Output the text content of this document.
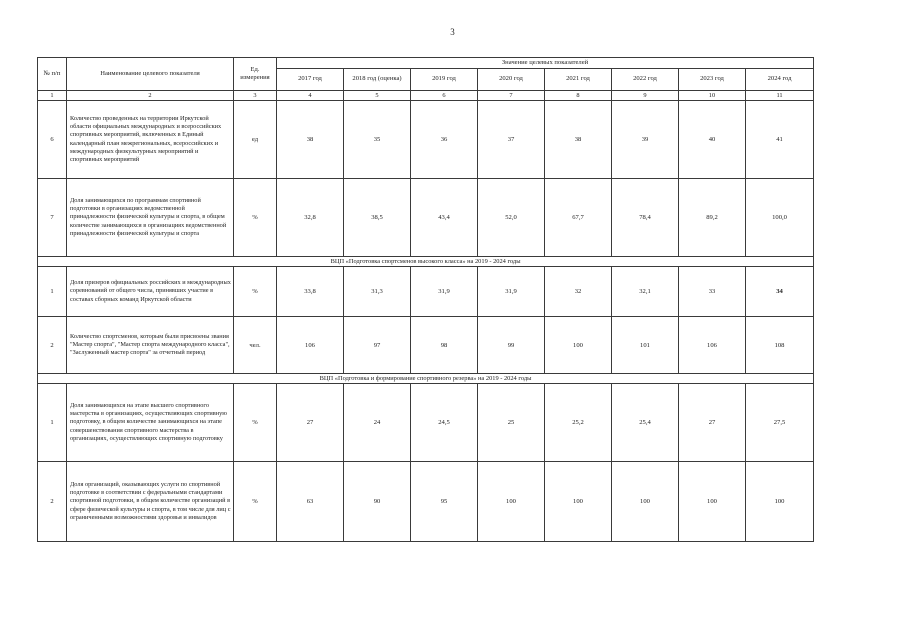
3
№ п/п	Наименование целевого показателя	Ед. измерения	Значение целевых показателей							
			2017 год	2018 год (оценка)	2019 год	2020 год	2021 год	2022 год	2023 год	2024 год
1	2	3	4	5	6	7	8	9	10	11
6	Количество проведенных на территории Иркутской области официальных международных и всероссийских спортивных мероприятий, включенных в Единый календарный план межрегиональных, всероссийских и международных физкультурных мероприятий и спортивных мероприятий	ед	38	35	36	37	38	39	40	41
7	Доля занимающихся по программам спортивной подготовки в организациях ведомственной принадлежности физической культуры и спорта, в общем количестве занимающихся в организациях ведомственной принадлежности физической культуры и спорта	%	32,8	38,5	43,4	52,0	67,7	78,4	89,2	100,0
ВЦП «Подготовка спортсменов высокого класса» на 2019 - 2024 годы										
1	Доля призеров официальных российских и международных соревнований от общего числа, принявших участие в составах сборных команд Иркутской области	%	33,8	31,3	31,9	31,9	32	32,1	33	34
2	Количество спортсменов, которым были присвоены звания "Мастер спорта", "Мастер спорта международного класса", "Заслуженный мастер спорта" за отчетный период	чел.	106	97	98	99	100	101	106	108
ВЦП «Подготовка и формирование спортивного резерва» на 2019 - 2024 годы										
1	Доля занимающихся на этапе высшего спортивного мастерства в организациях, осуществляющих спортивную подготовку, в общем количестве занимающихся на этапе совершенствования спортивного мастерства в организациях, осуществляющих спортивную подготовку	%	27	24	24,5	25	25,2	25,4	27	27,5
2	Доля организаций, оказывающих услуги по спортивной подготовке в соответствии с федеральными стандартами спортивной подготовки, в общем количестве организаций в сфере физической культуры и спорта, в том числе для лиц с ограниченными возможностями здоровья и инвалидов	%	63	90	95	100	100	100	100	100
